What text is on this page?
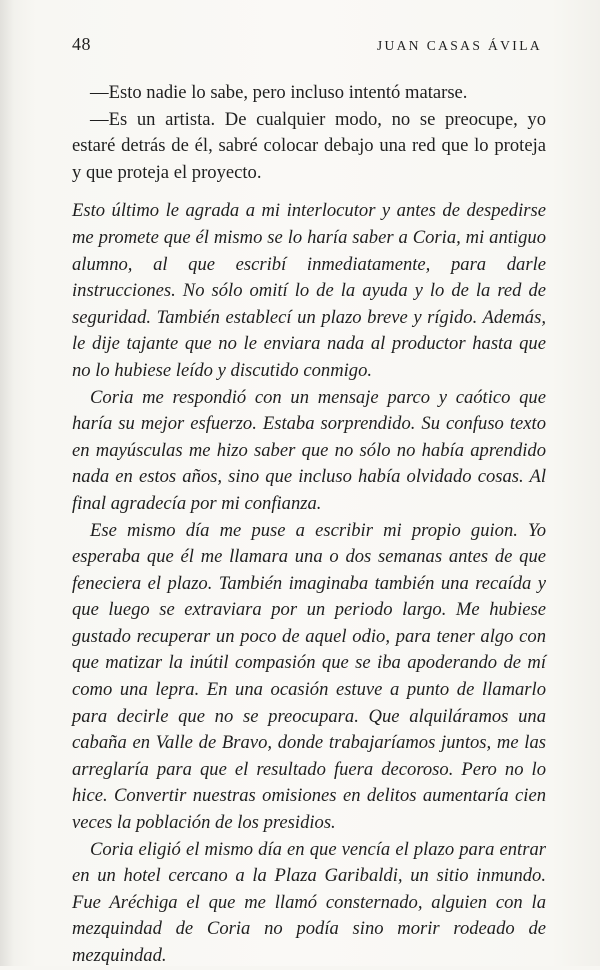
48	JUAN CASAS ÁVILA

—Esto nadie lo sabe, pero incluso intentó matarse.

—Es un artista. De cualquier modo, no se preocupe, yo estaré detrás de él, sabré colocar debajo una red que lo proteja y que proteja el proyecto.

Esto último le agrada a mi interlocutor y antes de despedirse me promete que él mismo se lo haría saber a Coria, mi antiguo alumno, al que escribí inmediatamente, para darle instrucciones. No sólo omití lo de la ayuda y lo de la red de seguridad. También establecí un plazo breve y rígido. Además, le dije tajante que no le enviara nada al productor hasta que no lo hubiese leído y discutido conmigo.

Coria me respondió con un mensaje parco y caótico que haría su mejor esfuerzo. Estaba sorprendido. Su confuso texto en mayúsculas me hizo saber que no sólo no había aprendido nada en estos años, sino que incluso había olvidado cosas. Al final agradecía por mi confianza.

Ese mismo día me puse a escribir mi propio guion. Yo esperaba que él me llamara una o dos semanas antes de que feneciera el plazo. También imaginaba también una recaída y que luego se extraviara por un periodo largo. Me hubiese gustado recuperar un poco de aquel odio, para tener algo con que matizar la inútil compasión que se iba apoderando de mí como una lepra. En una ocasión estuve a punto de llamarlo para decirle que no se preocupara. Que alquiláramos una cabaña en Valle de Bravo, donde trabajaríamos juntos, me las arreglaría para que el resultado fuera decoroso. Pero no lo hice. Convertir nuestras omisiones en delitos aumentaría cien veces la población de los presidios.

Coria eligió el mismo día en que vencía el plazo para entrar en un hotel cercano a la Plaza Garibaldi, un sitio inmundo. Fue Aréchiga el que me llamó consternado, alguien con la mezquindad de Coria no podía sino morir rodeado de mezquindad.
